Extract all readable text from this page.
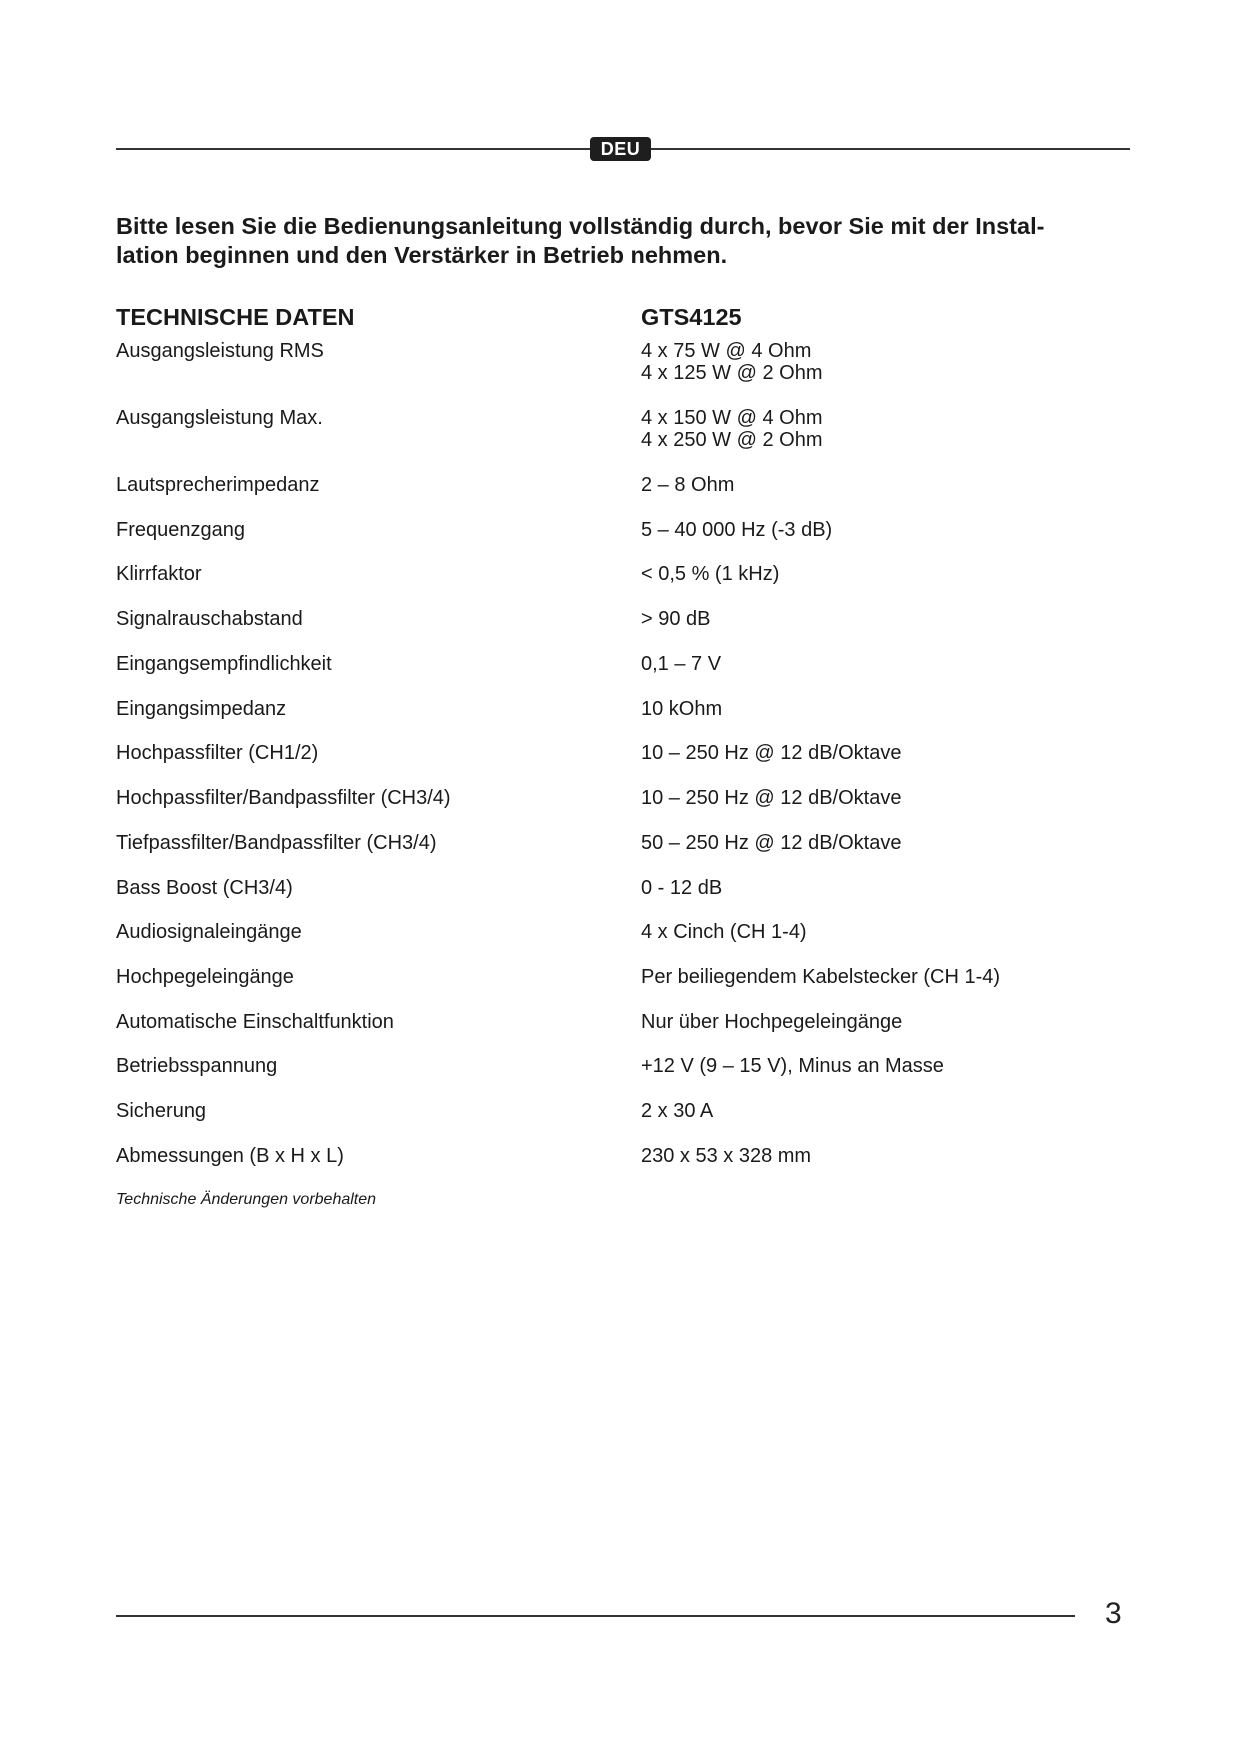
DEU

Bitte lesen Sie die Bedienungsanleitung vollständig durch, bevor Sie mit der Instal-
lation beginnen und den Verstärker in Betrieb nehmen.

TECHNISCHE DATEN	GTS4125
Ausgangsleistung RMS	4 x 75 W @ 4 Ohm
4 x 125 W @ 2 Ohm
Ausgangsleistung Max.	4 x 150 W @ 4 Ohm
4 x 250 W @ 2 Ohm
Lautsprecherimpedanz	2 – 8 Ohm
Frequenzgang	5 – 40 000 Hz (-3 dB)
Klirrfaktor	< 0,5 % (1 kHz)
Signalrauschabstand	> 90 dB
Eingangsempfindlichkeit	0,1 – 7 V
Eingangsimpedanz	10 kOhm
Hochpassfilter (CH1/2)	10 – 250 Hz @ 12 dB/Oktave
Hochpassfilter/Bandpassfilter (CH3/4)	10 – 250 Hz @ 12 dB/Oktave
Tiefpassfilter/Bandpassfilter (CH3/4)	50 – 250 Hz @ 12 dB/Oktave
Bass Boost (CH3/4)	0 - 12 dB
Audiosignaleingänge	4 x Cinch (CH 1-4)
Hochpegeleingänge	Per beiliegendem Kabelstecker (CH 1-4)
Automatische Einschaltfunktion	Nur über Hochpegeleingänge
Betriebsspannung	+12 V (9 – 15 V), Minus an Masse
Sicherung	2 x 30 A
Abmessungen (B x H x L)	230 x 53 x 328 mm
Technische Änderungen vorbehalten
3
